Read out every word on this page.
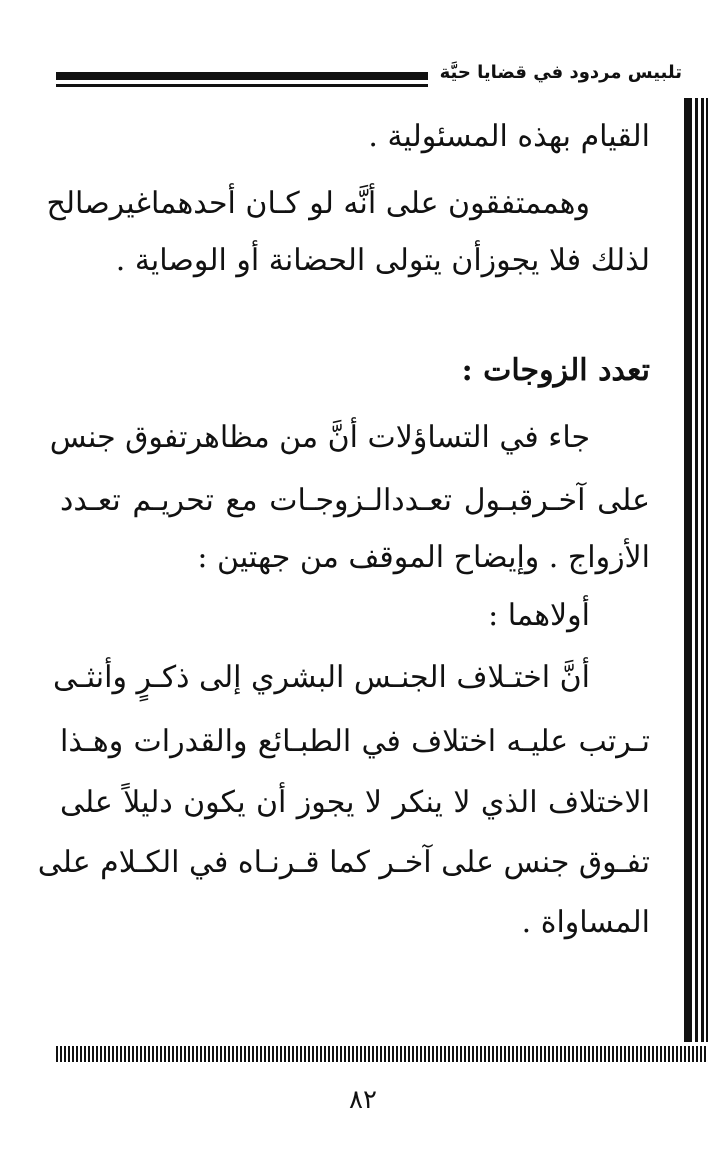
تلبيس مردود في قضايا حيَّة
القيام بهذه المسئولية .
وهممتفقون على أنَّه لو كـان أحدهماغيرصالح
لذلك فلا يجوزأن يتولى الحضانة أو الوصاية .
تعدد الزوجات :
جاء في التساؤلات أنَّ من مظاهرتفوق جنس
على آخـرقبـول تعـددالـزوجـات مع تحريـم تعـدد
الأزواج . وإيضاح الموقف من جهتين :
أولاهما :
أنَّ اختـلاف الجنـس البشري إلى ذكـرٍ وأنثـى
تـرتب عليـه اختلاف في الطبـائع والقدرات وهـذا
الاختلاف الذي لا ينكر لا يجوز أن يكون دليلاً على
تفـوق جنس على آخـر كما قـرنـاه في الكـلام على
المساواة .
٨٢
